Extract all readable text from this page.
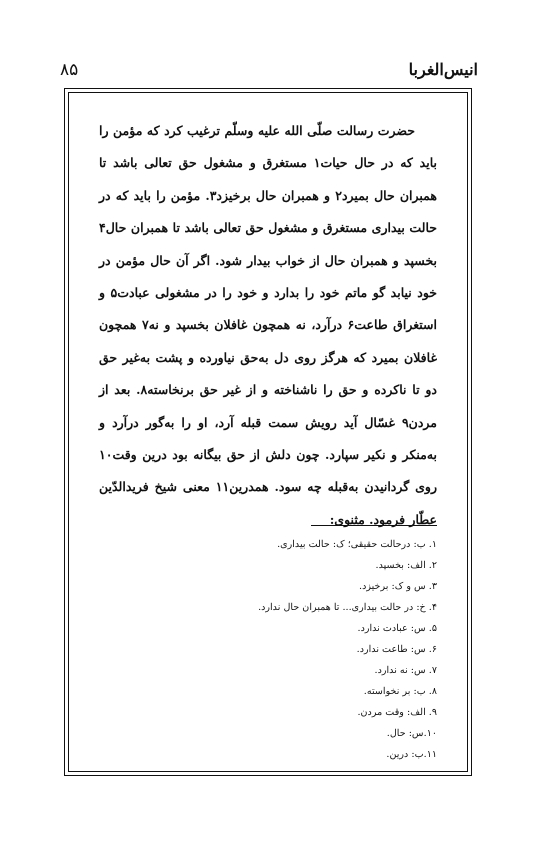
۸۵	انیس‌الغربا
حضرت رسالت صلّی الله علیه وسلّم ترغیب کرد که مؤمن را
باید که در حال حیات۱ مستغرق و مشغول حق تعالی باشد تا
همبران حال بمیرد۲ و همبران حال برخیزد۳. مؤمن را باید که در
حالت بیداری مستغرق و مشغول حق تعالی باشد تا همبران حال۴
بخسپد و همبران حال از خواب بیدار شود. اگر آن حال مؤمن در
خود نیابد گو ماتم خود را بدارد و خود را در مشغولی عبادت۵ و
استغراق طاعت۶ درآرد، نه همچون غافلان بخسپد و نه۷ همچون
غافلان بمیرد که هرگز روی دل به‌حق نیاورده و پشت به‌غیر حق
دو تا ناکرده و حق را ناشناخته و از غیر حق برنخاسته۸. بعد از
مردن۹ غسّال آید رویش سمت قبله آرد، او را به‌گور درآرد و
به‌منکر و نکیر سپارد. چون دلش از حق بیگانه بود درین وقت۱۰
روی گردانیدن به‌قبله چه سود. همدرین۱۱ معنی شیخ فریدالدّین
عطّار فرمود. مثنوی:
۱. ب: درحالت حقیقی؛ ک: حالت بیداری.
۲. الف: بخسپد.
۳. س و ک: برخیزد.
۴. خ: در حالت بیداری... تا همبران حال ندارد.
۵. س: عبادت ندارد.
۶. س: طاعت ندارد.
۷. س: نه ندارد.
۸. ب: بر نخواسته.
۹. الف: وقت مردن.
۱۰.س: حال.
۱۱.ب: درین.
